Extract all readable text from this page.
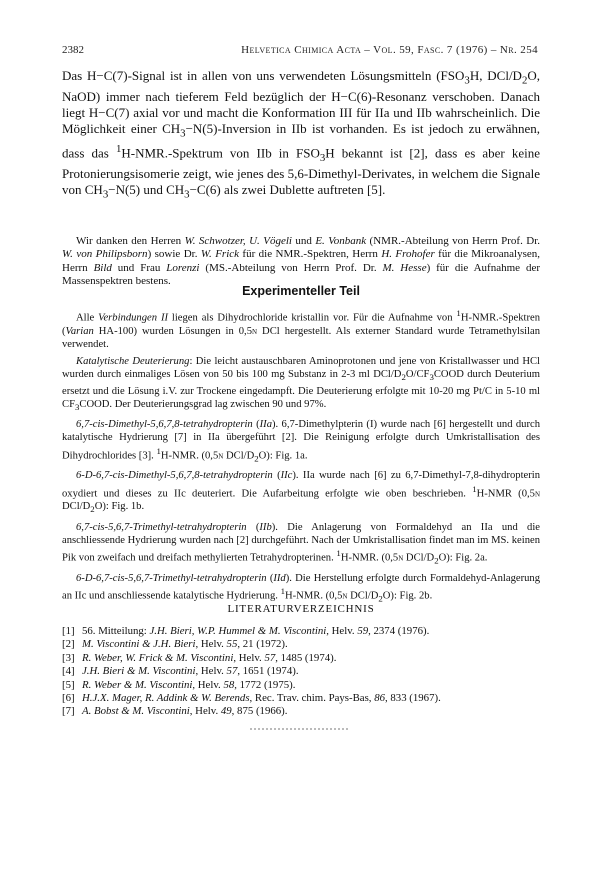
2382	Helvetica Chimica Acta – Vol. 59, Fasc. 7 (1976) – Nr. 254
Das H−C(7)-Signal ist in allen von uns verwendeten Lösungsmitteln ($FSO_3H$, DCl/$D_2O$, NaOD) immer nach tieferem Feld bezüglich der H−C(6)-Resonanz verschoben. Danach liegt H−C(7) axial vor und macht die Konformation III für IIa und IIb wahrscheinlich. Die Möglichkeit einer $CH_3-N(5)$-Inversion in IIb ist vorhanden. Es ist jedoch zu erwähnen, dass das $^1$H-NMR.-Spektrum von IIb in $FSO_3H$ bekannt ist [2], dass es aber keine Protonierungsisomerie zeigt, wie jenes des 5,6-Dimethyl-Derivates, in welchem die Signale von $CH_3-N(5)$ und $CH_3-C(6)$ als zwei Dublette auftreten [5].
Wir danken den Herren W. Schwotzer, U. Vögeli und E. Vonbank (NMR.-Abteilung von Herrn Prof. Dr. W. von Philipsborn) sowie Dr. W. Frick für die NMR.-Spektren, Herrn H. Frohofer für die Mikroanalysen, Herrn Bild und Frau Lorenzi (MS.-Abteilung von Herrn Prof. Dr. M. Hesse) für die Aufnahme der Massenspektren bestens.
Experimenteller Teil

Alle Verbindungen II liegen als Dihydrochloride kristallin vor. Für die Aufnahme von $^1$H-NMR.-Spektren (Varian HA-100) wurden Lösungen in 0,5n DCl hergestellt. Als externer Standard wurde Tetramethylsilan verwendet.

Katalytische Deuterierung: Die leicht austauschbaren Aminoprotonen und jene von Kristallwasser und HCl wurden durch einmaliges Lösen von 50 bis 100 mg Substanz in 2-3 ml DCl/$D_2O/CF_3COOD$ durch Deuterium ersetzt und die Lösung i.V. zur Trockene eingedampft. Die Deuterierung erfolgte mit 10-20 mg Pt/C in 5-10 ml $CF_3COOD$. Der Deuterierungsgrad lag zwischen 90 und 97%.

6,7-cis-Dimethyl-5,6,7,8-tetrahydropterin (IIa). 6,7-Dimethylpterin (I) wurde nach [6] hergestellt und durch katalytische Hydrierung [7] in IIa übergeführt [2]. Die Reinigung erfolgte durch Umkristallisation des Dihydrochlorides [3]. $^1$H-NMR. (0,5n DCl/$D_2O$): Fig. 1a.

6-D-6,7-cis-Dimethyl-5,6,7,8-tetrahydropterin (IIc). IIa wurde nach [6] zu 6,7-Dimethyl-7,8-dihydropterin oxydiert und dieses zu IIc deuteriert. Die Aufarbeitung erfolgte wie oben beschrieben. $^1$H-NMR (0,5n DCl/$D_2O$): Fig. 1b.

6,7-cis-5,6,7-Trimethyl-tetrahydropterin (IIb). Die Anlagerung von Formaldehyd an IIa und die anschliessende Hydrierung wurden nach [2] durchgeführt. Nach der Umkristallisation findet man im MS. keinen Pik von zweifach und dreifach methylierten Tetrahydropterinen. $^1$H-NMR. (0,5n DCl/$D_2O$): Fig. 2a.

6-D-6,7-cis-5,6,7-Trimethyl-tetrahydropterin (IId). Die Herstellung erfolgte durch Formaldehyd-Anlagerung an IIc und anschliessende katalytische Hydrierung. $^1$H-NMR. (0,5n DCl/$D_2O$): Fig. 2b.

LITERATURVERZEICHNIS
[1] 56. Mitteilung: J.H. Bieri, W.P. Hummel & M. Viscontini, Helv. 59, 2374 (1976).
[2] M. Viscontini & J.H. Bieri, Helv. 55, 21 (1972).
[3] R. Weber, W. Frick & M. Viscontini, Helv. 57, 1485 (1974).
[4] J.H. Bieri & M. Viscontini, Helv. 57, 1651 (1974).
[5] R. Weber & M. Viscontini, Helv. 58, 1772 (1975).
[6] H.J.X. Mager, R. Addink & W. Berends, Rec. Trav. chim. Pays-Bas, 86, 833 (1967).
[7] A. Bobst & M. Viscontini, Helv. 49, 875 (1966).
